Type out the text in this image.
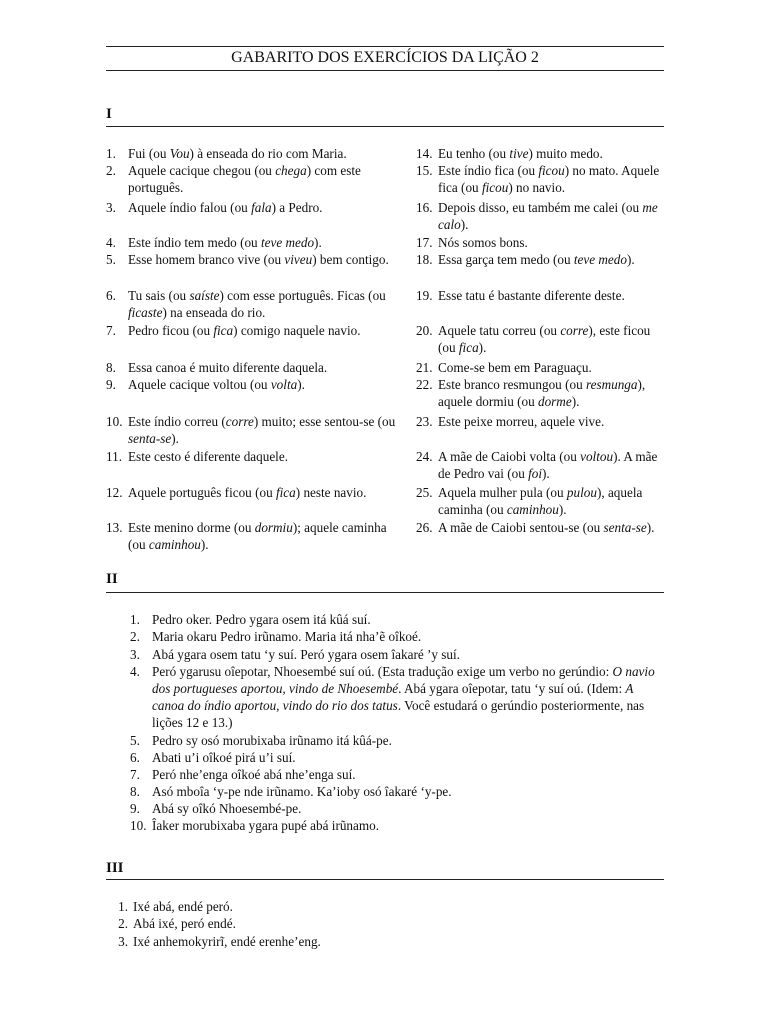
GABARITO DOS EXERCÍCIOS DA LIÇÃO 2
I
1. Fui (ou Vou) à enseada do rio com Maria.
2. Aquele cacique chegou (ou chega) com este português.
3. Aquele índio falou (ou fala) a Pedro.
4. Este índio tem medo (ou teve medo).
5. Esse homem branco vive (ou viveu) bem contigo.
6. Tu sais (ou saíste) com esse português. Ficas (ou ficaste) na enseada do rio.
7. Pedro ficou (ou fica) comigo naquele navio.
8. Essa canoa é muito diferente daquela.
9. Aquele cacique voltou (ou volta).
10. Este índio correu (corre) muito; esse sentou-se (ou senta-se).
11. Este cesto é diferente daquele.
12. Aquele português ficou (ou fica) neste navio.
13. Este menino dorme (ou dormiu); aquele caminha (ou caminhou).
14. Eu tenho (ou tive) muito medo.
15. Este índio fica (ou ficou) no mato. Aquele fica (ou ficou) no navio.
16. Depois disso, eu também me calei (ou me calo).
17. Nós somos bons.
18. Essa garça tem medo (ou teve medo).
19. Esse tatu é bastante diferente deste.
20. Aquele tatu correu (ou corre), este ficou (ou fica).
21. Come-se bem em Paraguaçu.
22. Este branco resmungou (ou resmunga), aquele dormiu (ou dorme).
23. Este peixe morreu, aquele vive.
24. A mãe de Caiobi volta (ou voltou). A mãe de Pedro vai (ou foi).
25. Aquela mulher pula (ou pulou), aquela caminha (ou caminhou).
26. A mãe de Caiobi sentou-se (ou senta-se).
II
1. Pedro oker. Pedro ygara osem itá kûá suí.
2. Maria okaru Pedro irũnamo. Maria itá nha’ẽ oîkoé.
3. Abá ygara osem tatu ‘y suí. Peró ygara osem îakaré ’y suí.
4. Peró ygarusu oîepotar, Nhoesembé suí oú. (Esta tradução exige um verbo no gerúndio: O navio dos portugueses aportou, vindo de Nhoesembé. Abá ygara oîepotar, tatu ‘y suí oú. (Idem: A canoa do índio aportou, vindo do rio dos tatus. Você estudará o gerúndio posteriormente, nas lições 12 e 13.)
5. Pedro sy osó morubixaba irũnamo itá kûá-pe.
6. Abati u’i oîkoé pirá u’i suí.
7. Peró nhe’enga oîkoé abá nhe’enga suí.
8. Asó mboîa ‘y-pe nde irũnamo. Ka’ioby osó îakaré ‘y-pe.
9. Abá sy oîkó Nhoesembé-pe.
10. Îaker morubixaba ygara pupé abá irũnamo.
III
1. Ixé abá, endé peró.
2. Abá ixé, peró endé.
3. Ixé anhemokyrirĩ, endé erenhe’eng.
